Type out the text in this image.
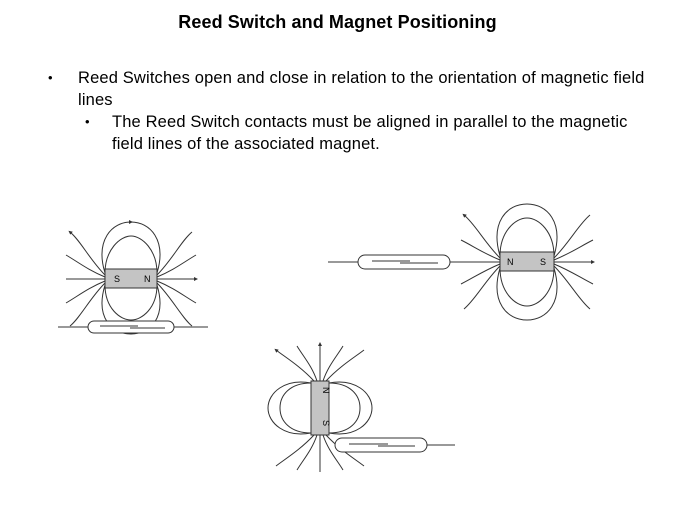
Reed Switch and Magnet Positioning
• Reed Switches open and close in relation to the orientation of magnetic field lines
• The Reed Switch contacts must be aligned in parallel to the magnetic field lines of the associated magnet.
S	N
N	S
N
S
